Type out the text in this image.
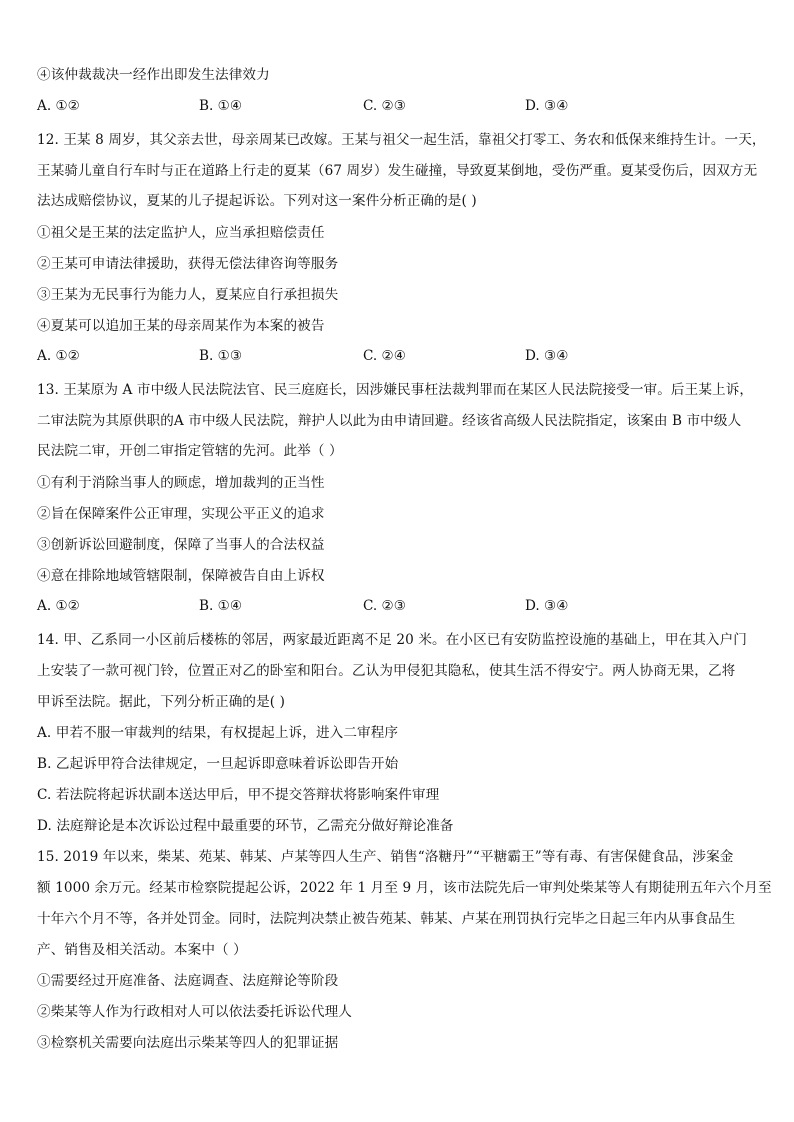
④该仲裁裁决一经作出即发生法律效力
A. ①②	B. ①④	C. ②③	D. ③④
12. 王某 8 周岁，其父亲去世，母亲周某已改嫁。王某与祖父一起生活，靠祖父打零工、务农和低保来维持生计。一天，
王某骑儿童自行车时与正在道路上行走的夏某（67 周岁）发生碰撞，导致夏某倒地，受伤严重。夏某受伤后，因双方无
法达成赔偿协议，夏某的儿子提起诉讼。下列对这一案件分析正确的是( )
①祖父是王某的法定监护人，应当承担赔偿责任
②王某可申请法律援助，获得无偿法律咨询等服务
③王某为无民事行为能力人，夏某应自行承担损失
④夏某可以追加王某的母亲周某作为本案的被告
A. ①②	B. ①③	C. ②④	D. ③④
13. 王某原为 A 市中级人民法院法官、民三庭庭长，因涉嫌民事枉法裁判罪而在某区人民法院接受一审。后王某上诉，
二审法院为其原供职的A 市中级人民法院，辩护人以此为由申请回避。经该省高级人民法院指定，该案由 B 市中级人
民法院二审，开创二审指定管辖的先河。此举（ ）
①有利于消除当事人的顾虑，增加裁判的正当性
②旨在保障案件公正审理，实现公平正义的追求
③创新诉讼回避制度，保障了当事人的合法权益
④意在排除地域管辖限制，保障被告自由上诉权
A. ①②	B. ①④	C. ②③	D. ③④
14. 甲、乙系同一小区前后楼栋的邻居，两家最近距离不足 20 米。在小区已有安防监控设施的基础上，甲在其入户门
上安装了一款可视门铃，位置正对乙的卧室和阳台。乙认为甲侵犯其隐私，使其生活不得安宁。两人协商无果，乙将
甲诉至法院。据此，下列分析正确的是( )
A. 甲若不服一审裁判的结果，有权提起上诉，进入二审程序
B. 乙起诉甲符合法律规定，一旦起诉即意味着诉讼即告开始
C. 若法院将起诉状副本送达甲后，甲不提交答辩状将影响案件审理
D. 法庭辩论是本次诉讼过程中最重要的环节，乙需充分做好辩论准备
15. 2019 年以来，柴某、苑某、韩某、卢某等四人生产、销售“洛糖丹”“平糖霸王”等有毒、有害保健食品，涉案金
额 1000 余万元。经某市检察院提起公诉，2022 年 1 月至 9 月，该市法院先后一审判处柴某等人有期徒刑五年六个月至
十年六个月不等，各并处罚金。同时，法院判决禁止被告苑某、韩某、卢某在刑罚执行完毕之日起三年内从事食品生
产、销售及相关活动。本案中（ ）
①需要经过开庭准备、法庭调查、法庭辩论等阶段
②柴某等人作为行政相对人可以依法委托诉讼代理人
③检察机关需要向法庭出示柴某等四人的犯罪证据
